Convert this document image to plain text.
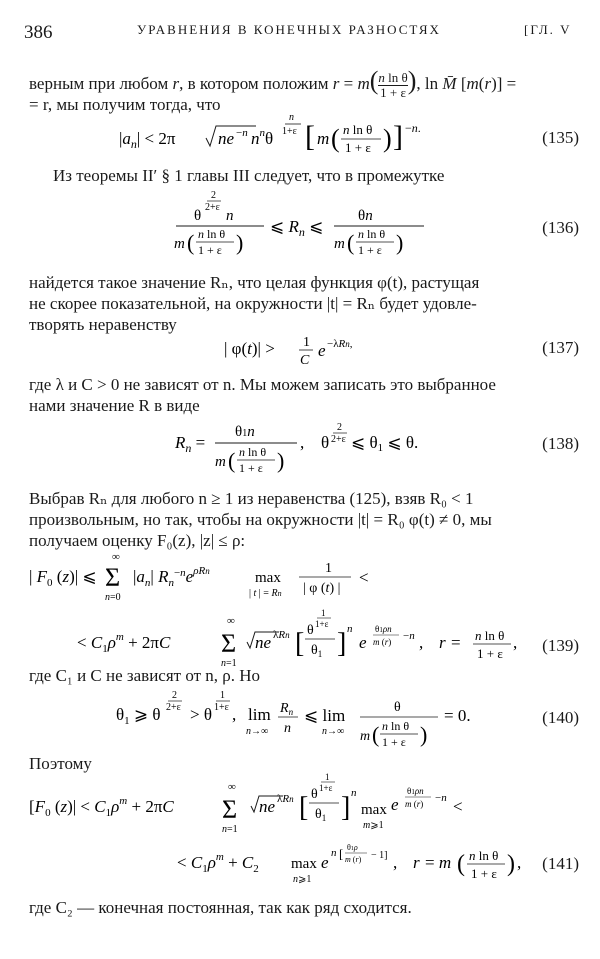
386	УРАВНЕНИЯ В КОНЕЧНЫХ РАЗНОСТЯХ	[ГЛ. V
верным при любом r, в котором положим $r = m( \frac{\text{n ln θ}}{1 + \varepsilon}$ ), ln M̄ [m(r)] =
= r, мы получим тогда, что
$|a_n| < 2\pi$	ne −n $n^n\theta$
n
1+ε [ m ( n ln θ
1 + ε ) ] −n.	(135)
Из теоремы II′ § 1 главы III следует, что в промежутке
2
2+ε
θ n
m ( n ln θ
1 + ε )
⩽ $R_n$ ⩽
θn
m ( n ln θ
1 + ε )
(136)
найдется такое значение Rₙ, что целая функция φ(t), растущая
не скорее показательной, на окружности |t| = Rₙ будет удовле-
творять неравенству
| φ(t)| > 1
C
e −λRn,	(137)
где λ и C > 0 не зависят от n. Мы можем записать это выбранное
нами значение R в виде
$R_n$ =
θ1n
m ( n ln θ
1 + ε )
,
2
2+ε
θ ⩽ θ1 ⩽ θ.	(138)
Выбрав Rₙ для любого n ≥ 1 из неравенства (125), взяв R₀ < 1
произвольным, но так, чтобы на окружности |t| = R₀ φ(t) ≠ 0, мы
получаем оценку F₀(z), |z| ≤ ρ:
| $F_0$ (z)| ⩽
∞
Σ
n=0
$|a_n|$ $R_n^-ne^{\rho R}n$	max
| t | = Rn
1
| φ (t) |
<
< $C_1\rho^m + 2\pi C$
∞
Σ
n=1
ne λRn [
1
1+ε
θ
$\theta_1$ ] n
e
θ1ρn
m (r) −n , r = n ln θ
1 + ε
, (139)
где C₁ и C не зависят от n, ρ. Но
$\theta_1$ ⩾ θ
2
2+ε > θ
1
1+ε , lim
n→∞
$R_n$
n
⩽ lim
n→∞
θ
m ( n ln θ
1 + ε )
= 0.	(140)
Поэтому
[$F_0$ $(z)| < C_1\rho^m + 2\pi C$
∞
Σ
n=1
ne λRn [
1
1+ε
θ
$\theta_1$ ] n
max
m⩾1
e
θ1ρn
m (r) −n <
< $C_1\rho^m + C_2$ max
n⩾1
e n [ θ1ρ
m (r) − 1] , r = m ( n ln θ
1 + ε ) , (141)
где C₂ — конечная постоянная, так как ряд сходится.
